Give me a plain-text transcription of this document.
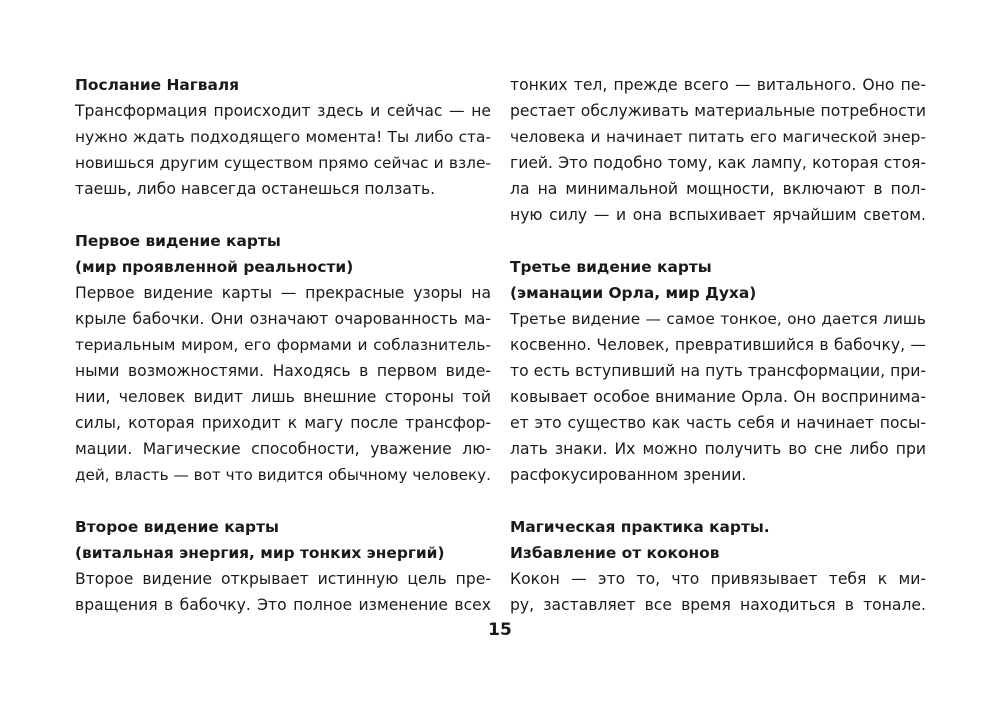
Послание Нагваля

Трансформация происходит здесь и сейчас — не

нужно ждать подходящего момента! Ты либо ста-

новишься другим существом прямо сейчас и взле-

таешь, либо навсегда останешься ползать.

Первое видение карты

(мир проявленной реальности)

Первое видение карты — прекрасные узоры на

крыле бабочки. Они означают очарованность ма-

териальным миром, его формами и соблазнитель-

ными возможностями. Находясь в первом виде-

нии, человек видит лишь внешние стороны той

силы, которая приходит к магу после трансфор-

мации. Магические способности, уважение лю-

дей, власть — вот что видится обычному человеку.

Второе видение карты

(витальная энергия, мир тонких энергий)

Второе видение открывает истинную цель пре-

вращения в бабочку. Это полное изменение всех

тонких тел, прежде всего — витального. Оно пе-

рестает обслуживать материальные потребности

человека и начинает питать его магической энер-

гией. Это подобно тому, как лампу, которая стоя-

ла на минимальной мощности, включают в пол-

ную силу — и она вспыхивает ярчайшим светом.

Третье видение карты

(эманации Орла, мир Духа)

Третье видение — самое тонкое, оно дается лишь

косвенно. Человек, превратившийся в бабочку, —

то есть вступивший на путь трансформации, при-

ковывает особое внимание Орла. Он воспринима-

ет это существо как часть себя и начинает посы-

лать знаки. Их можно получить во сне либо при

расфокусированном зрении.

Магическая практика карты.

Избавление от коконов

Кокон — это то, что привязывает тебя к ми-

ру, заставляет все время находиться в тонале.

15
